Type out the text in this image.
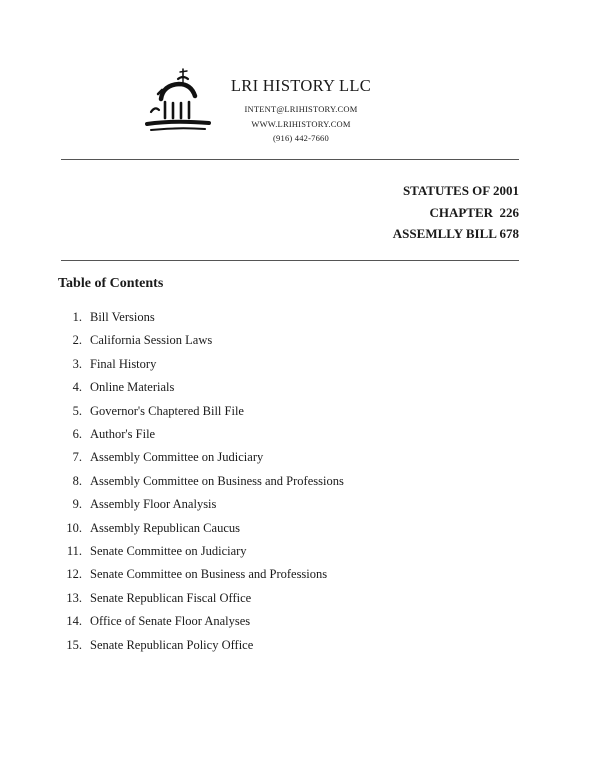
LRI HISTORY LLC
INTENT@LRIHISTORY.COM
WWW.LRIHISTORY.COM
(916) 442-7660
STATUTES OF 2001
CHAPTER  226
ASSEMLLY BILL 678
Table of Contents
1. Bill Versions
2. California Session Laws
3. Final History
4. Online Materials
5. Governor's Chaptered Bill File
6. Author's File
7. Assembly Committee on Judiciary
8. Assembly Committee on Business and Professions
9. Assembly Floor Analysis
10. Assembly Republican Caucus
11. Senate Committee on Judiciary
12. Senate Committee on Business and Professions
13. Senate Republican Fiscal Office
14. Office of Senate Floor Analyses
15. Senate Republican Policy Office
